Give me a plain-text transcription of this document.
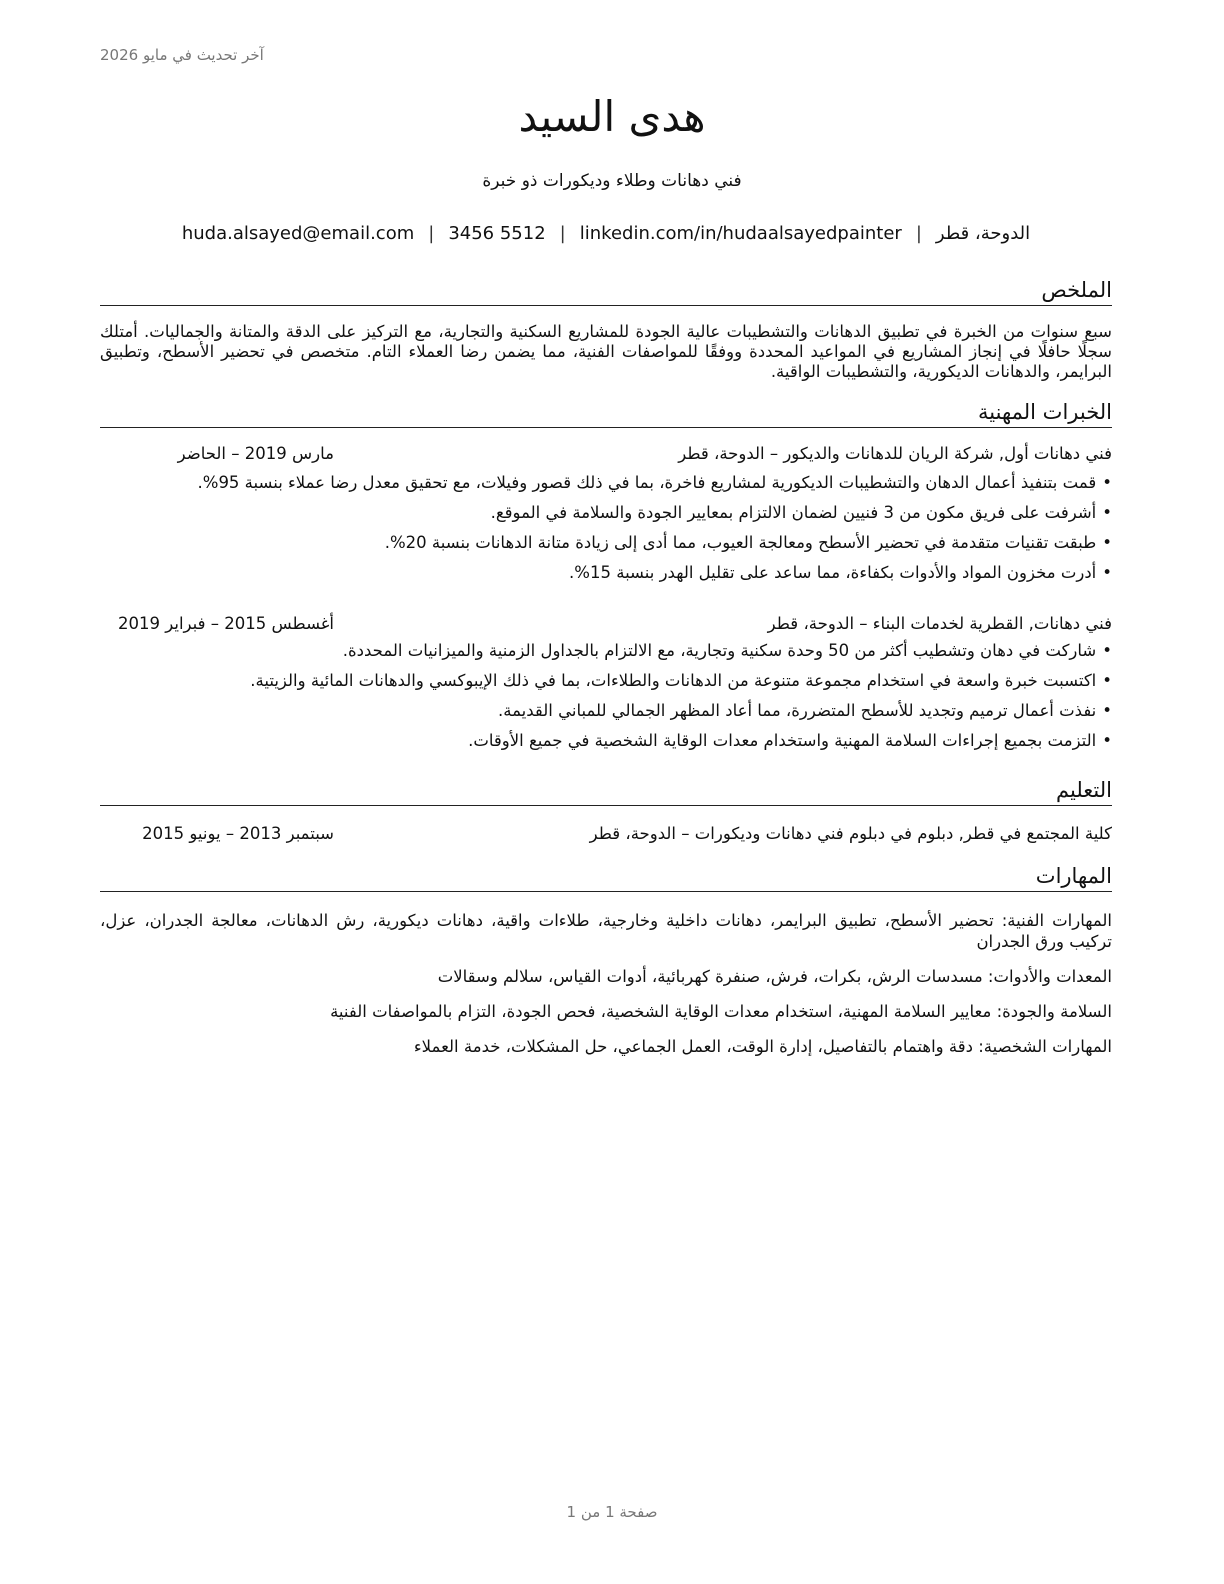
آخر تحديث في مايو 2026
هدى السيد
فني دهانات وطلاء وديكورات ذو خبرة
الدوحة، قطر|huda.alsayed@email.com | 3456 5512 | linkedin.com/in/hudaalsayedpainter
الملخص

سبع سنوات من الخبرة في تطبيق الدهانات والتشطيبات عالية الجودة للمشاريع السكنية والتجارية، مع التركيز على الدقة والمتانة والجماليات. أمتلك سجلًا حافلًا في إنجاز المشاريع في المواعيد المحددة ووفقًا للمواصفات الفنية، مما يضمن رضا العملاء التام. متخصص في تحضير الأسطح، وتطبيق البرايمر، والدهانات الديكورية، والتشطيبات الواقية.

الخبرات المهنية
فني دهانات أول, شركة الريان للدهانات والديكور – الدوحة، قطر
مارس 2019 – الحاضر
• قمت بتنفيذ أعمال الدهان والتشطيبات الديكورية لمشاريع فاخرة، بما في ذلك قصور وفيلات، مع تحقيق معدل رضا عملاء بنسبة 95%.
• أشرفت على فريق مكون من 3 فنيين لضمان الالتزام بمعايير الجودة والسلامة في الموقع.
• طبقت تقنيات متقدمة في تحضير الأسطح ومعالجة العيوب، مما أدى إلى زيادة متانة الدهانات بنسبة 20%.
• أدرت مخزون المواد والأدوات بكفاءة، مما ساعد على تقليل الهدر بنسبة 15%.
فني دهانات, القطرية لخدمات البناء – الدوحة، قطر
أغسطس 2015 – فبراير 2019
• شاركت في دهان وتشطيب أكثر من 50 وحدة سكنية وتجارية، مع الالتزام بالجداول الزمنية والميزانيات المحددة.
• اكتسبت خبرة واسعة في استخدام مجموعة متنوعة من الدهانات والطلاءات، بما في ذلك الإيبوكسي والدهانات المائية والزيتية.
• نفذت أعمال ترميم وتجديد للأسطح المتضررة، مما أعاد المظهر الجمالي للمباني القديمة.
• التزمت بجميع إجراءات السلامة المهنية واستخدام معدات الوقاية الشخصية في جميع الأوقات.
التعليم
كلية المجتمع في قطر, دبلوم في دبلوم فني دهانات وديكورات – الدوحة، قطر
سبتمبر 2013 – يونيو 2015
المهارات

المهارات الفنية: تحضير الأسطح، تطبيق البرايمر، دهانات داخلية وخارجية، طلاءات واقية، دهانات ديكورية، رش الدهانات، معالجة الجدران، عزل، تركيب ورق الجدران

المعدات والأدوات: مسدسات الرش، بكرات، فرش، صنفرة كهربائية، أدوات القياس، سلالم وسقالات

السلامة والجودة: معايير السلامة المهنية، استخدام معدات الوقاية الشخصية، فحص الجودة، التزام بالمواصفات الفنية

المهارات الشخصية: دقة واهتمام بالتفاصيل، إدارة الوقت، العمل الجماعي، حل المشكلات، خدمة العملاء

صفحة 1 من 1
